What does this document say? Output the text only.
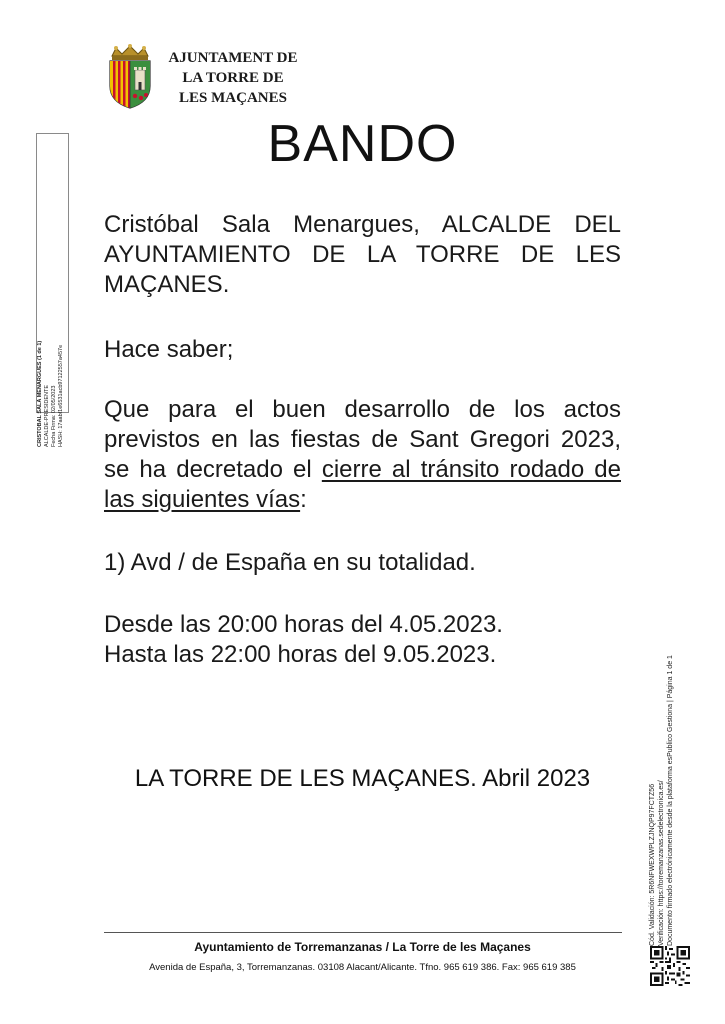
AJUNTAMENT DE
LA TORRE DE
LES MAÇANES
BANDO
CRISTOBAL SALA MENARGUES (1 de 1) ALCALDE-PRESIDENTE Fecha Firma: 02/05/2023 HASH: 17aabf1e6531acb97122557a457e
Cristóbal Sala Menargues, ALCALDE DEL AYUNTAMIENTO DE LA TORRE DE LES MAÇANES.
Hace saber;
Que para el buen desarrollo de los actos previstos en las fiestas de Sant Gregori 2023, se ha decretado el cierre al tránsito rodado de las siguientes vías:
1) Avd / de España en su totalidad.
Desde las 20:00 horas del 4.05.2023.
Hasta las 22:00 horas del 9.05.2023.
LA TORRE DE LES MAÇANES. Abril 2023
Cód. Validación: 5R6NFWEXWPLZJNQP97FCTZ56 Verificación: https://torremanzanas.sedelectronica.es/ Documento firmado electrónicamente desde la plataforma esPublico Gestiona | Página 1 de 1
Ayuntamiento de Torremanzanas / La Torre de les Maçanes
Avenida de España, 3, Torremanzanas. 03108 Alacant/Alicante. Tfno. 965 619 386. Fax: 965 619 385
